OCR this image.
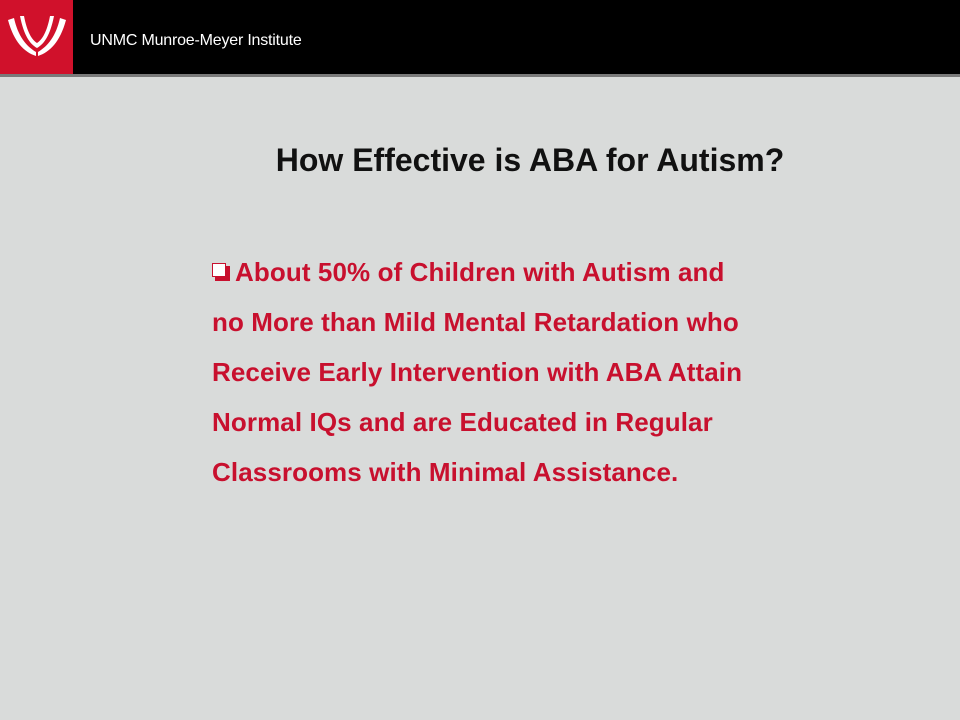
UNMC Munroe-Meyer Institute
How Effective is ABA for Autism?
About 50% of Children with Autism and
no More than Mild Mental Retardation who
Receive Early Intervention with ABA Attain
Normal IQs and are Educated in Regular
Classrooms with Minimal Assistance.
